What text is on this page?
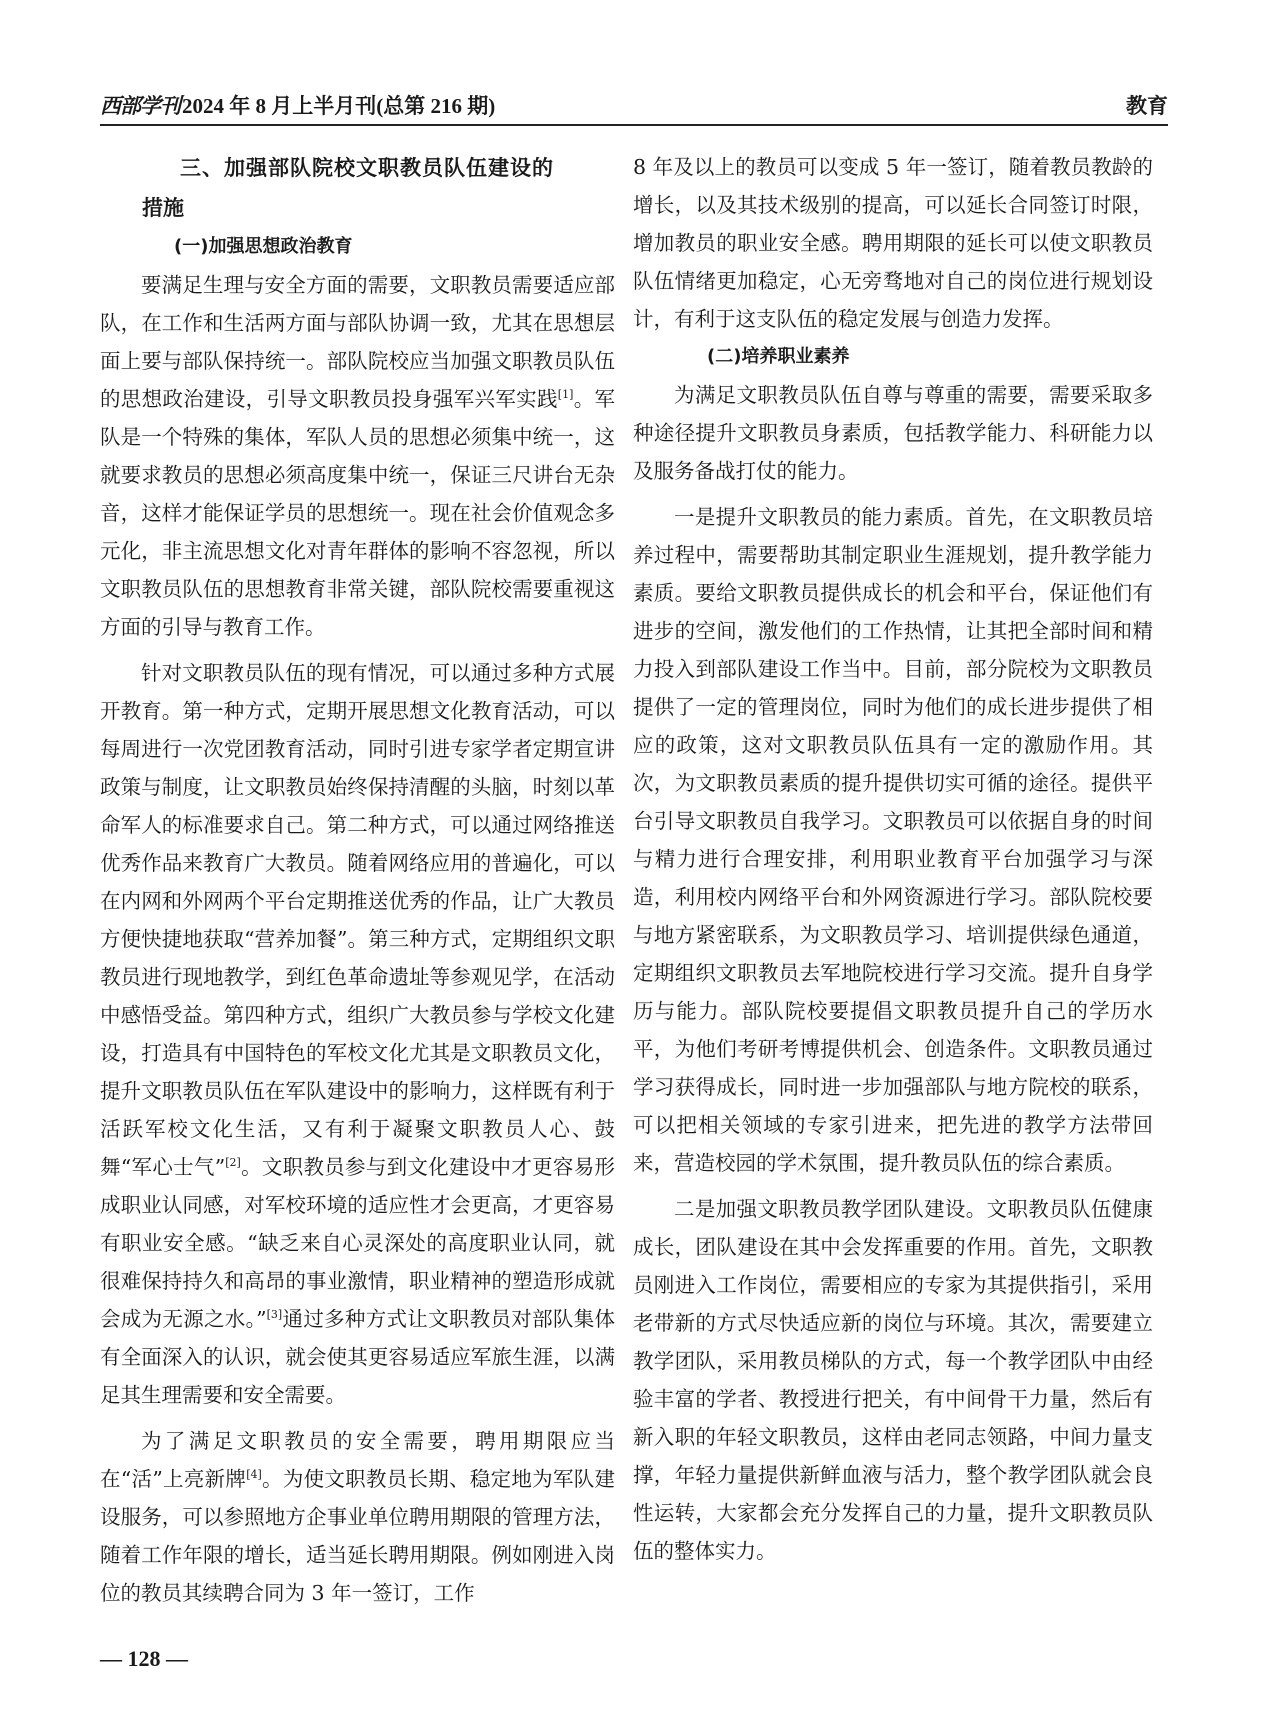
西部学刊2024 年 8 月上半月刊(总第 216 期)	教育

三、加强部队院校文职教员队伍建设的

措施

(一)加强思想政治教育

要满足生理与安全方面的需要，文职教员需要适应部队，在工作和生活两方面与部队协调一致，尤其在思想层面上要与部队保持统一。部队院校应当加强文职教员队伍的思想政治建设，引导文职教员投身强军兴军实践[1]。军队是一个特殊的集体，军队人员的思想必须集中统一，这就要求教员的思想必须高度集中统一，保证三尺讲台无杂音，这样才能保证学员的思想统一。现在社会价值观念多元化，非主流思想文化对青年群体的影响不容忽视，所以文职教员队伍的思想教育非常关键，部队院校需要重视这方面的引导与教育工作。

针对文职教员队伍的现有情况，可以通过多种方式展开教育。第一种方式，定期开展思想文化教育活动，可以每周进行一次党团教育活动，同时引进专家学者定期宣讲政策与制度，让文职教员始终保持清醒的头脑，时刻以革命军人的标准要求自己。第二种方式，可以通过网络推送优秀作品来教育广大教员。随着网络应用的普遍化，可以在内网和外网两个平台定期推送优秀的作品，让广大教员方便快捷地获取“营养加餐”。第三种方式，定期组织文职教员进行现地教学，到红色革命遗址等参观见学，在活动中感悟受益。第四种方式，组织广大教员参与学校文化建设，打造具有中国特色的军校文化尤其是文职教员文化，提升文职教员队伍在军队建设中的影响力，这样既有利于活跃军校文化生活，又有利于凝聚文职教员人心、鼓舞“军心士气”[2]。文职教员参与到文化建设中才更容易形成职业认同感，对军校环境的适应性才会更高，才更容易有职业安全感。“缺乏来自心灵深处的高度职业认同，就很难保持持久和高昂的事业激情，职业精神的塑造形成就会成为无源之水。”[3]通过多种方式让文职教员对部队集体有全面深入的认识，就会使其更容易适应军旅生涯，以满足其生理需要和安全需要。

为了满足文职教员的安全需要，聘用期限应当在“活”上亮新牌[4]。为使文职教员长期、稳定地为军队建设服务，可以参照地方企事业单位聘用期限的管理方法，随着工作年限的增长，适当延长聘用期限。例如刚进入岗位的教员其续聘合同为 3 年一签订，工作

8 年及以上的教员可以变成 5 年一签订，随着教员教龄的增长，以及其技术级别的提高，可以延长合同签订时限，增加教员的职业安全感。聘用期限的延长可以使文职教员队伍情绪更加稳定，心无旁骛地对自己的岗位进行规划设计，有利于这支队伍的稳定发展与创造力发挥。

(二)培养职业素养

为满足文职教员队伍自尊与尊重的需要，需要采取多种途径提升文职教员身素质，包括教学能力、科研能力以及服务备战打仗的能力。

一是提升文职教员的能力素质。首先，在文职教员培养过程中，需要帮助其制定职业生涯规划，提升教学能力素质。要给文职教员提供成长的机会和平台，保证他们有进步的空间，激发他们的工作热情，让其把全部时间和精力投入到部队建设工作当中。目前，部分院校为文职教员提供了一定的管理岗位，同时为他们的成长进步提供了相应的政策，这对文职教员队伍具有一定的激励作用。其次，为文职教员素质的提升提供切实可循的途径。提供平台引导文职教员自我学习。文职教员可以依据自身的时间与精力进行合理安排，利用职业教育平台加强学习与深造，利用校内网络平台和外网资源进行学习。部队院校要与地方紧密联系，为文职教员学习、培训提供绿色通道，定期组织文职教员去军地院校进行学习交流。提升自身学历与能力。部队院校要提倡文职教员提升自己的学历水平，为他们考研考博提供机会、创造条件。文职教员通过学习获得成长，同时进一步加强部队与地方院校的联系，可以把相关领域的专家引进来，把先进的教学方法带回来，营造校园的学术氛围，提升教员队伍的综合素质。

二是加强文职教员教学团队建设。文职教员队伍健康成长，团队建设在其中会发挥重要的作用。首先，文职教员刚进入工作岗位，需要相应的专家为其提供指引，采用老带新的方式尽快适应新的岗位与环境。其次，需要建立教学团队，采用教员梯队的方式，每一个教学团队中由经验丰富的学者、教授进行把关，有中间骨干力量，然后有新入职的年轻文职教员，这样由老同志领路，中间力量支撑，年轻力量提供新鲜血液与活力，整个教学团队就会良性运转，大家都会充分发挥自己的力量，提升文职教员队伍的整体实力。

— 128 —
